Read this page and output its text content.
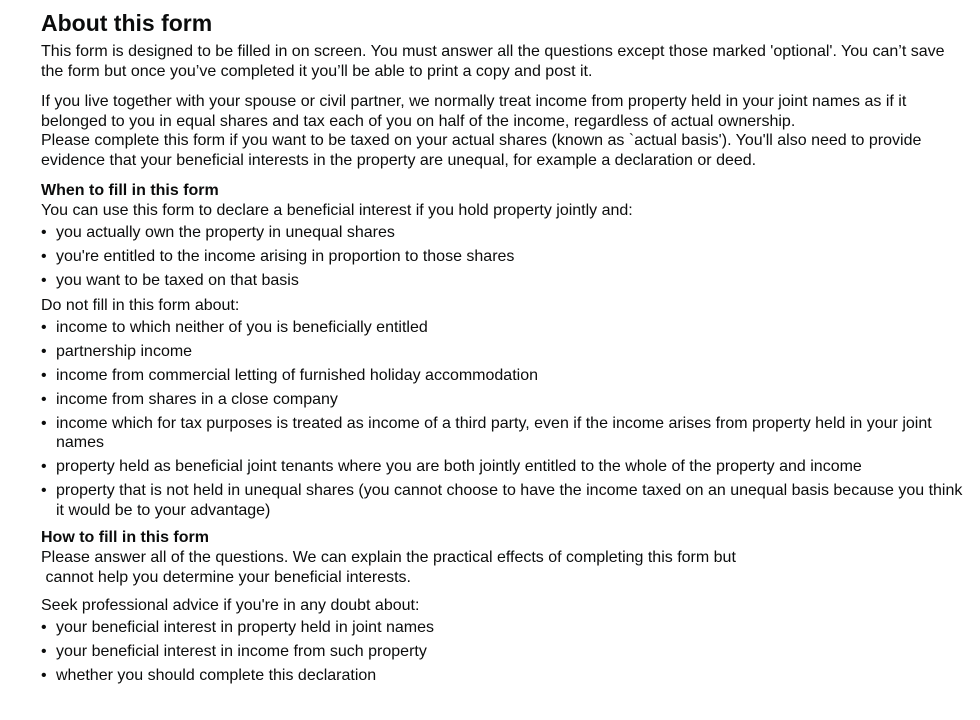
About this form

This form is designed to be filled in on screen. You must answer all the questions except those marked 'optional'. You can’t save the form but once you’ve completed it you’ll be able to print a copy and post it.

If you live together with your spouse or civil partner, we normally treat income from property held in your joint names as if it belonged to you in equal shares and tax each of you on half of the income, regardless of actual ownership.

Please complete this form if you want to be taxed on your actual shares (known as `actual basis'). You'll also need to provide evidence that your beneficial interests in the property are unequal, for example a declaration or deed.

When to fill in this form

You can use this form to declare a beneficial interest if you hold property jointly and:

• you actually own the property in unequal shares
• you're entitled to the income arising in proportion to those shares
• you want to be taxed on that basis

Do not fill in this form about:

• income to which neither of you is beneficially entitled
• partnership income
• income from commercial letting of furnished holiday accommodation
• income from shares in a close company
• income which for tax purposes is treated as income of a third party, even if the income arises from property held in your joint names
• property held as beneficial joint tenants where you are both jointly entitled to the whole of the property and income
• property that is not held in unequal shares (you cannot choose to have the income taxed on an unequal basis because you think it would be to your advantage)
How to fill in this form

Please answer all of the questions. We can explain the practical effects of completing this form but

cannot help you determine your beneficial interests.

Seek professional advice if you're in any doubt about:

• your beneficial interest in property held in joint names
• your beneficial interest in income from such property
• whether you should complete this declaration
